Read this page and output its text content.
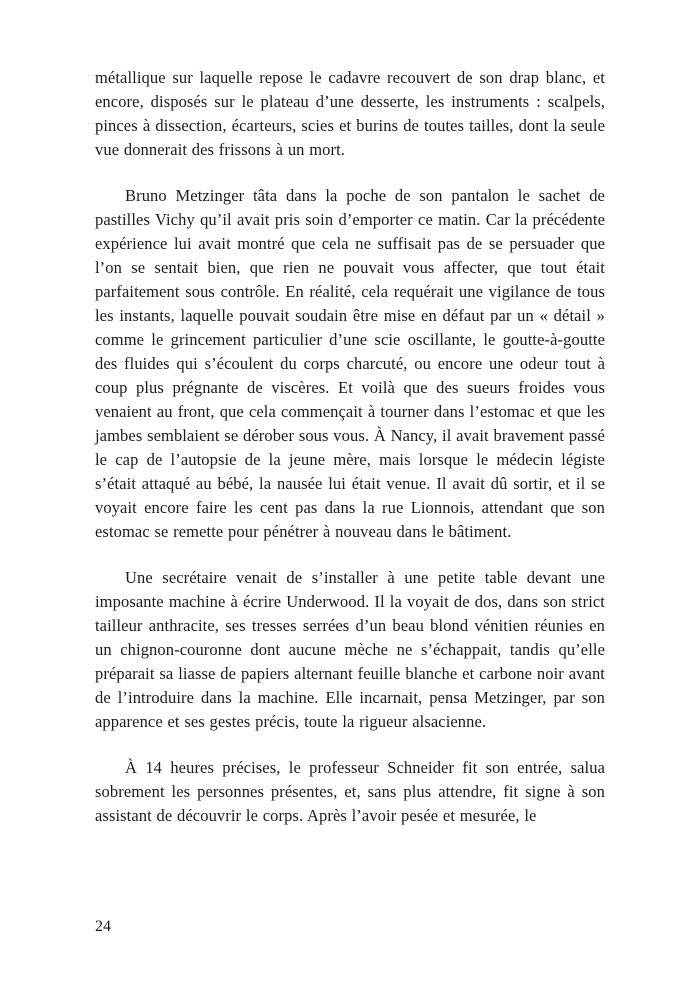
métallique sur laquelle repose le cadavre recouvert de son drap blanc, et encore, disposés sur le plateau d’une desserte, les instruments : scalpels, pinces à dissection, écarteurs, scies et burins de toutes tailles, dont la seule vue donnerait des frissons à un mort.

Bruno Metzinger tâta dans la poche de son pantalon le sachet de pastilles Vichy qu’il avait pris soin d’emporter ce matin. Car la précédente expérience lui avait montré que cela ne suffisait pas de se persuader que l’on se sentait bien, que rien ne pouvait vous affecter, que tout était parfaitement sous contrôle. En réalité, cela requérait une vigilance de tous les instants, laquelle pouvait soudain être mise en défaut par un « détail » comme le grincement particulier d’une scie oscillante, le goutte-à-goutte des fluides qui s’écoulent du corps charcuté, ou encore une odeur tout à coup plus prégnante de viscères. Et voilà que des sueurs froides vous venaient au front, que cela commençait à tourner dans l’estomac et que les jambes semblaient se dérober sous vous. À Nancy, il avait bravement passé le cap de l’autopsie de la jeune mère, mais lorsque le médecin légiste s’était attaqué au bébé, la nausée lui était venue. Il avait dû sortir, et il se voyait encore faire les cent pas dans la rue Lionnois, attendant que son estomac se remette pour pénétrer à nouveau dans le bâtiment.

Une secrétaire venait de s’installer à une petite table devant une imposante machine à écrire Underwood. Il la voyait de dos, dans son strict tailleur anthracite, ses tresses serrées d’un beau blond vénitien réunies en un chignon-couronne dont aucune mèche ne s’échappait, tandis qu’elle préparait sa liasse de papiers alternant feuille blanche et carbone noir avant de l’introduire dans la machine. Elle incarnait, pensa Metzinger, par son apparence et ses gestes précis, toute la rigueur alsacienne.

À 14 heures précises, le professeur Schneider fit son entrée, salua sobrement les personnes présentes, et, sans plus attendre, fit signe à son assistant de découvrir le corps. Après l’avoir pesée et mesurée, le

24
